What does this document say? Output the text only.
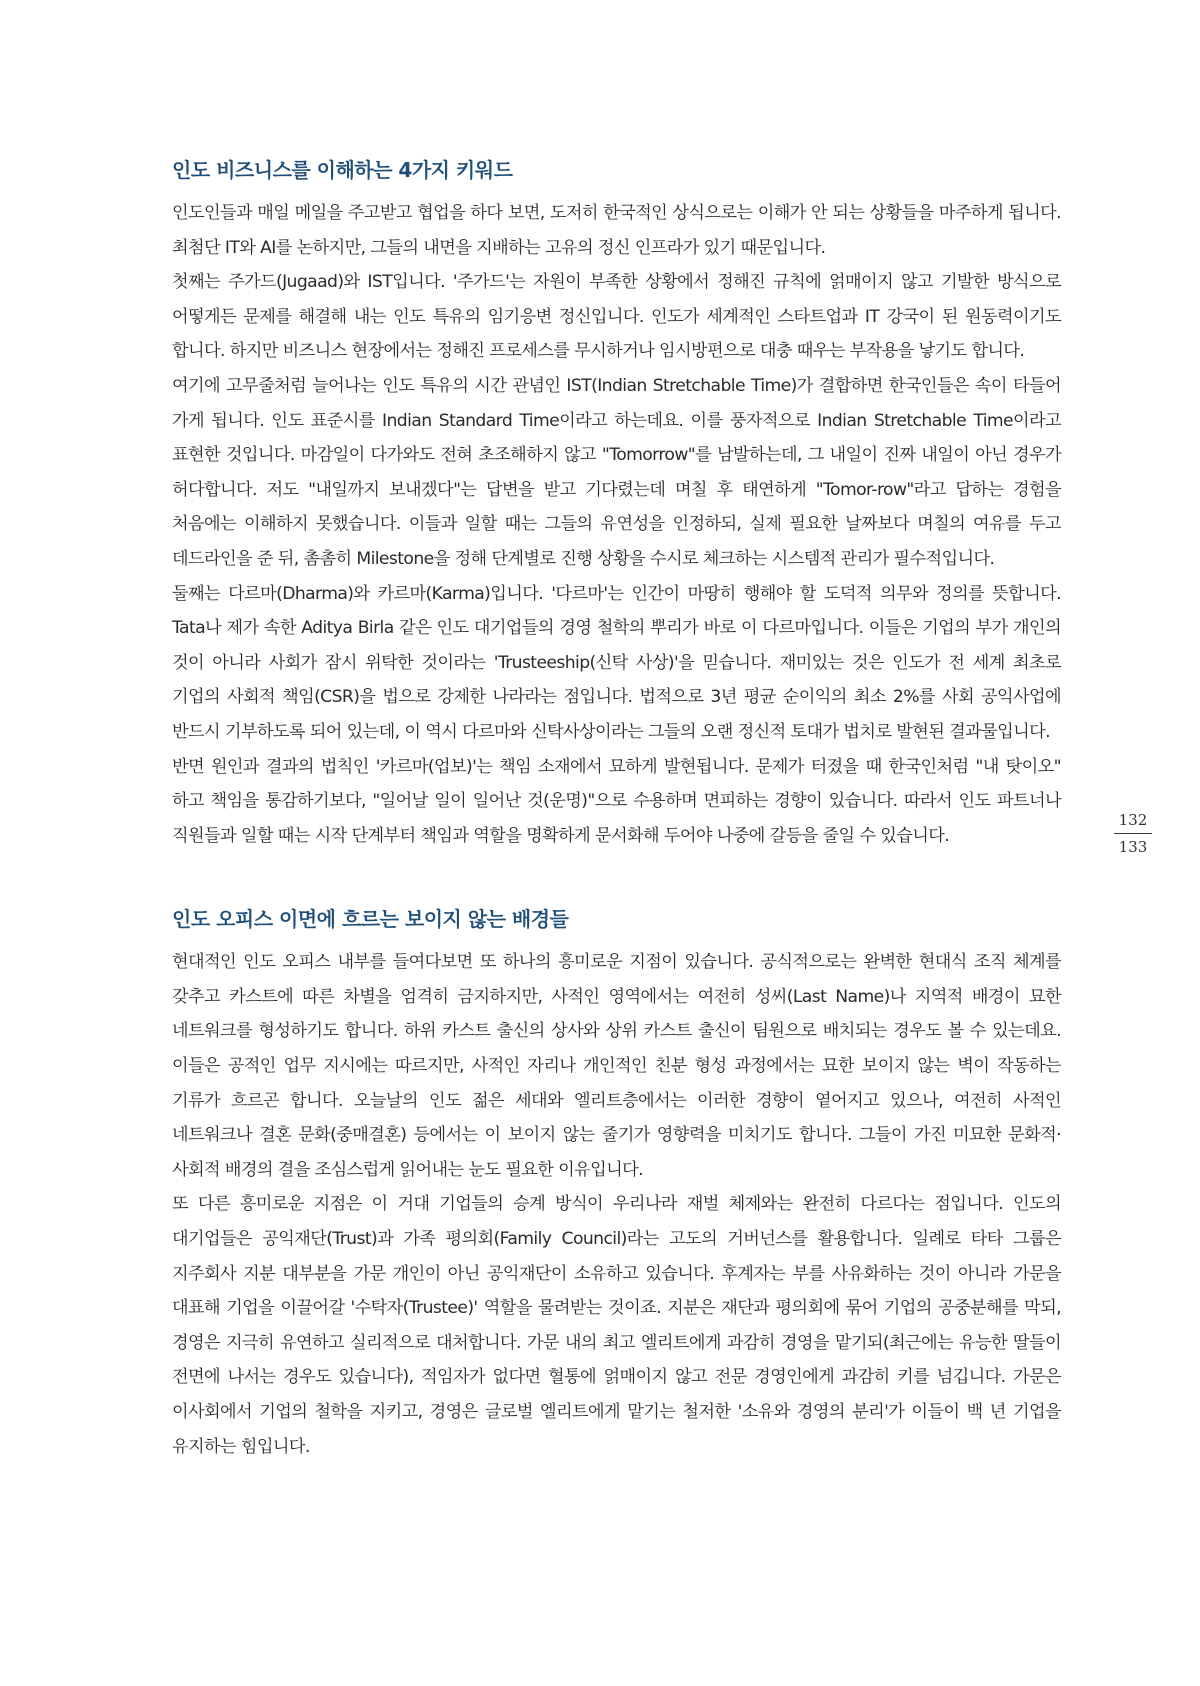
인도 비즈니스를 이해하는 4가지 키워드

인도인들과 매일 메일을 주고받고 협업을 하다 보면, 도저히 한국적인 상식으로는 이해가 안 되는 상황들을 마주하게 됩니다. 최첨단 IT와 AI를 논하지만, 그들의 내면을 지배하는 고유의 정신 인프라가 있기 때문입니다.

첫째는 주가드(Jugaad)와 IST입니다. '주가드'는 자원이 부족한 상황에서 정해진 규칙에 얽매이지 않고 기발한 방식으로 어떻게든 문제를 해결해 내는 인도 특유의 임기응변 정신입니다. 인도가 세계적인 스타트업과 IT 강국이 된 원동력이기도 합니다. 하지만 비즈니스 현장에서는 정해진 프로세스를 무시하거나 임시방편으로 대충 때우는 부작용을 낳기도 합니다.

여기에 고무줄처럼 늘어나는 인도 특유의 시간 관념인 IST(Indian Stretchable Time)가 결합하면 한국인들은 속이 타들어 가게 됩니다. 인도 표준시를 Indian Standard Time이라고 하는데요. 이를 풍자적으로 Indian Stretchable Time이라고 표현한 것입니다. 마감일이 다가와도 전혀 초조해하지 않고 "Tomorrow"를 남발하는데, 그 내일이 진짜 내일이 아닌 경우가 허다합니다. 저도 "내일까지 보내겠다"는 답변을 받고 기다렸는데 며칠 후 태연하게 "Tomor-row"라고 답하는 경험을 처음에는 이해하지 못했습니다. 이들과 일할 때는 그들의 유연성을 인정하되, 실제 필요한 날짜보다 며칠의 여유를 두고 데드라인을 준 뒤, 촘촘히 Milestone을 정해 단계별로 진행 상황을 수시로 체크하는 시스템적 관리가 필수적입니다.

둘째는 다르마(Dharma)와 카르마(Karma)입니다. '다르마'는 인간이 마땅히 행해야 할 도덕적 의무와 정의를 뜻합니다. Tata나 제가 속한 Aditya Birla 같은 인도 대기업들의 경영 철학의 뿌리가 바로 이 다르마입니다. 이들은 기업의 부가 개인의 것이 아니라 사회가 잠시 위탁한 것이라는 'Trusteeship(신탁 사상)'을 믿습니다. 재미있는 것은 인도가 전 세계 최초로 기업의 사회적 책임(CSR)을 법으로 강제한 나라라는 점입니다. 법적으로 3년 평균 순이익의 최소 2%를 사회 공익사업에 반드시 기부하도록 되어 있는데, 이 역시 다르마와 신탁사상이라는 그들의 오랜 정신적 토대가 법치로 발현된 결과물입니다.

반면 원인과 결과의 법칙인 '카르마(업보)'는 책임 소재에서 묘하게 발현됩니다. 문제가 터졌을 때 한국인처럼 "내 탓이오" 하고 책임을 통감하기보다, "일어날 일이 일어난 것(운명)"으로 수용하며 면피하는 경향이 있습니다. 따라서 인도 파트너나 직원들과 일할 때는 시작 단계부터 책임과 역할을 명확하게 문서화해 두어야 나중에 갈등을 줄일 수 있습니다.

인도 오피스 이면에 흐르는 보이지 않는 배경들

현대적인 인도 오피스 내부를 들여다보면 또 하나의 흥미로운 지점이 있습니다. 공식적으로는 완벽한 현대식 조직 체계를 갖추고 카스트에 따른 차별을 엄격히 금지하지만, 사적인 영역에서는 여전히 성씨(Last Name)나 지역적 배경이 묘한 네트워크를 형성하기도 합니다. 하위 카스트 출신의 상사와 상위 카스트 출신이 팀원으로 배치되는 경우도 볼 수 있는데요. 이들은 공적인 업무 지시에는 따르지만, 사적인 자리나 개인적인 친분 형성 과정에서는 묘한 보이지 않는 벽이 작동하는 기류가 흐르곤 합니다. 오늘날의 인도 젊은 세대와 엘리트층에서는 이러한 경향이 옅어지고 있으나, 여전히 사적인 네트워크나 결혼 문화(중매결혼) 등에서는 이 보이지 않는 줄기가 영향력을 미치기도 합니다. 그들이 가진 미묘한 문화적·사회적 배경의 결을 조심스럽게 읽어내는 눈도 필요한 이유입니다.

또 다른 흥미로운 지점은 이 거대 기업들의 승계 방식이 우리나라 재벌 체제와는 완전히 다르다는 점입니다. 인도의 대기업들은 공익재단(Trust)과 가족 평의회(Family Council)라는 고도의 거버넌스를 활용합니다. 일례로 타타 그룹은 지주회사 지분 대부분을 가문 개인이 아닌 공익재단이 소유하고 있습니다. 후계자는 부를 사유화하는 것이 아니라 가문을 대표해 기업을 이끌어갈 '수탁자(Trustee)' 역할을 물려받는 것이죠. 지분은 재단과 평의회에 묶어 기업의 공중분해를 막되, 경영은 지극히 유연하고 실리적으로 대처합니다. 가문 내의 최고 엘리트에게 과감히 경영을 맡기되(최근에는 유능한 딸들이 전면에 나서는 경우도 있습니다), 적임자가 없다면 혈통에 얽매이지 않고 전문 경영인에게 과감히 키를 넘깁니다. 가문은 이사회에서 기업의 철학을 지키고, 경영은 글로벌 엘리트에게 맡기는 철저한 '소유와 경영의 분리'가 이들이 백 년 기업을 유지하는 힘입니다.

132
133
